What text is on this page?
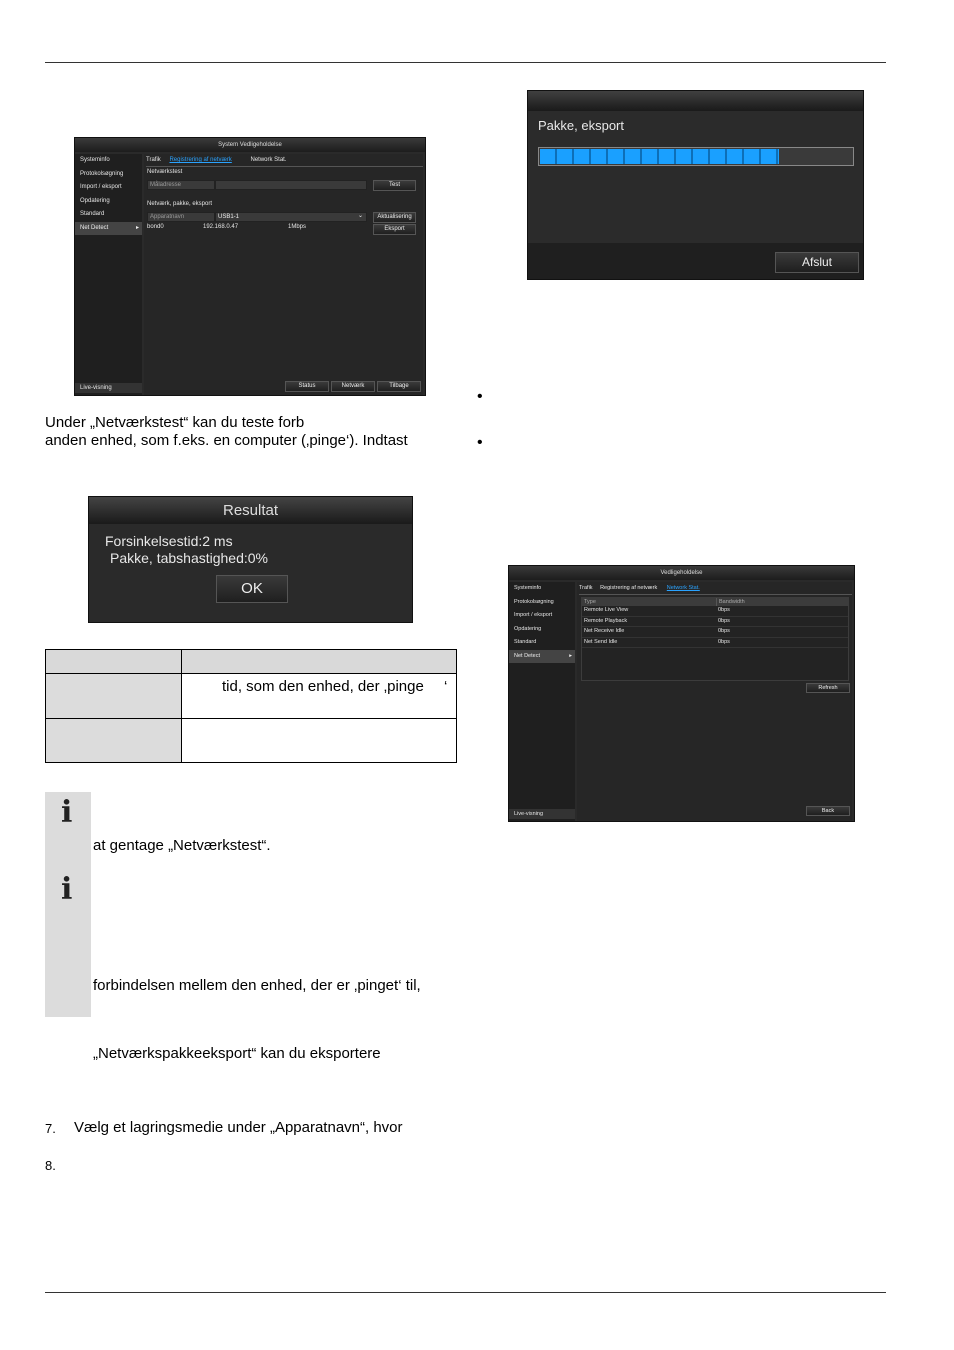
System Vedligeholdelse
Systeminfo
Protokolsøgning
Import / eksport
Opdatering
Standard
Net Detect	▸
Live-visning
Trafik Registrering af netværk	Network Stat.
Netværkstest
Måladresse	Test
Netværk, pakke, eksport
Apparatnavn	USB1-1	⌄	Aktualisering
Eksport
bond0	192.168.0.47	1Mbps
Status	Netværk	Tilbage
Pakke, eksport
Afslut
Vedligeholdelse
Systeminfo
Protokolsøgning
Import / eksport
Opdatering
Standard
Net Detect	▸
Live-visning
Trafik Registrering af netværk Network Stat.
Type	Bandwidth
Remote Live View	0bps
Remote Playback	0bps
Net Receive Idle	0bps
Net Send Idle	0bps
Refresh
Back
Resultat
Forsinkelsestid:2 ms
Pakke, tabshastighed:0%
OK
Under „Netværkstest“ kan du teste forb
anden enhed, som f.eks. en computer (‚pinge‘). Indtast
•
•

	tid, som den enhed, der ‚pinge ‘

i
i
at gentage „Netværkstest“.
forbindelsen mellem den enhed, der er ‚pinget‘ til,
„Netværkspakkeeksport“ kan du eksportere
7. Vælg et lagringsmedie under „Apparatnavn“, hvor
8.
